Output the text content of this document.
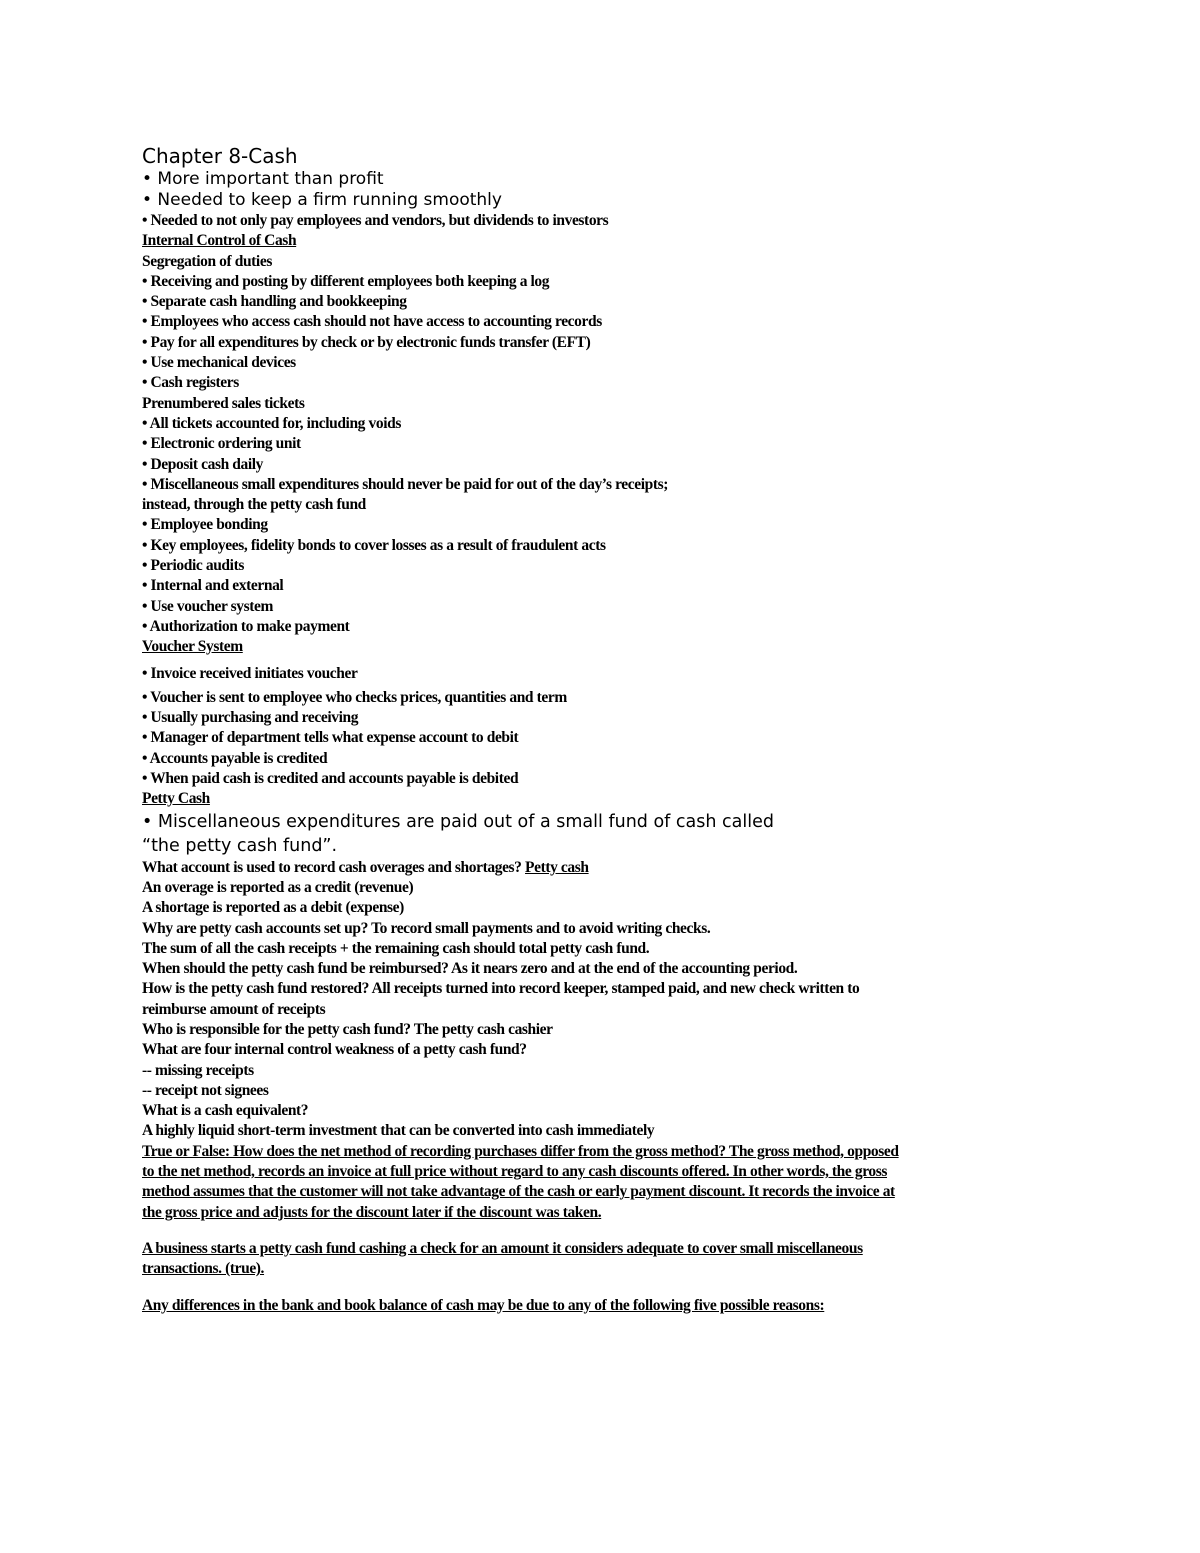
Chapter 8-Cash

• More important than profit

• Needed to keep a firm running smoothly

• Needed to not only pay employees and vendors, but dividends to investors

Internal Control of Cash

Segregation of duties

• Receiving and posting by different employees both keeping a log

• Separate cash handling and bookkeeping

• Employees who access cash should not have access to accounting records

• Pay for all expenditures by check or by electronic funds transfer (EFT)

• Use mechanical devices

• Cash registers

Prenumbered sales tickets

• All tickets accounted for, including voids

• Electronic ordering unit

• Deposit cash daily

• Miscellaneous small expenditures should never be paid for out of the day’s receipts;

instead, through the petty cash fund

• Employee bonding

• Key employees, fidelity bonds to cover losses as a result of fraudulent acts

• Periodic audits

• Internal and external

• Use voucher system

• Authorization to make payment

Voucher System

• Invoice received initiates voucher

• Voucher is sent to employee who checks prices, quantities and term

• Usually purchasing and receiving

• Manager of department tells what expense account to debit

• Accounts payable is credited

• When paid cash is credited and accounts payable is debited

Petty Cash

• Miscellaneous expenditures are paid out of a small fund of cash called

“the petty cash fund”.

What account is used to record cash overages and shortages? Petty cash

An overage is reported as a credit (revenue)

A shortage is reported as a debit (expense)

Why are petty cash accounts set up? To record small payments and to avoid writing checks.

The sum of all the cash receipts + the remaining cash should total petty cash fund.

When should the petty cash fund be reimbursed? As it nears zero and at the end of the accounting period.

How is the petty cash fund restored? All receipts turned into record keeper, stamped paid, and new check written to

reimburse amount of receipts

Who is responsible for the petty cash fund? The petty cash cashier

What are four internal control weakness of a petty cash fund?

-- missing receipts

-- receipt not signees

What is a cash equivalent?

A highly liquid short-term investment that can be converted into cash immediately

True or False: How does the net method of recording purchases differ from the gross method? The gross method, opposed

to the net method, records an invoice at full price without regard to any cash discounts offered. In other words, the gross

method assumes that the customer will not take advantage of the cash or early payment discount. It records the invoice at

the gross price and adjusts for the discount later if the discount was taken.

A business starts a petty cash fund cashing a check for an amount it considers adequate to cover small miscellaneous

transactions. (true).

Any differences in the bank and book balance of cash may be due to any of the following five possible reasons:
